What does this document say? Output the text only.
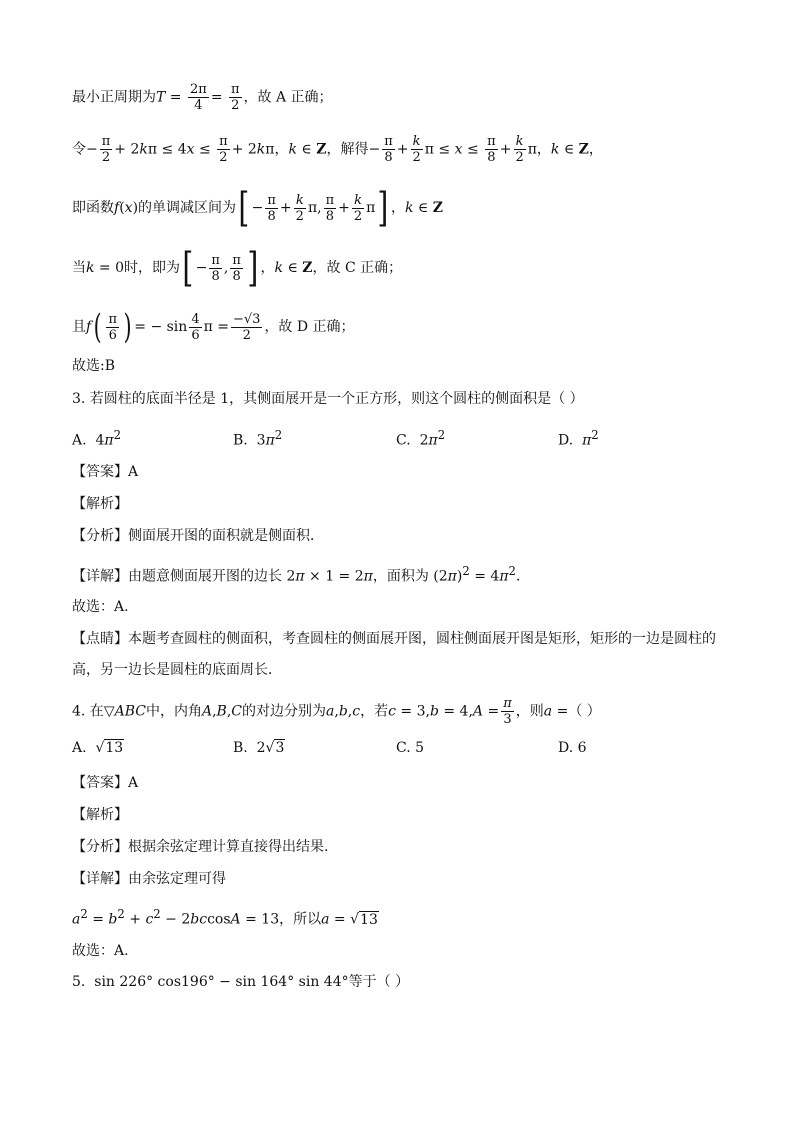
最小正周期为$T = \frac{2\pi}{4} = \frac{\pi}{2}$ ，故 A 正确；
令− $\frac{\pi}{2} + 2k\pi \le 4x \le \frac{\pi}{2} + 2k\pi$，k ∈ Z，解得− $\frac{\pi}{8} + \frac{k}{2}$ $\pi \le x \le \frac{\pi}{8} + \frac{k}{2}$ π，k ∈ Z，
即函数f(x)的单调减区间为[ − $\frac{\pi}{8} + \frac{k}{2} \pi$, $\frac{\pi}{8} + \frac{k}{2} \pi$] ，k ∈ Z
当k = 0时，即为[ − $\frac{\pi}{8}$ , $\frac{\pi}{8}$ ] ，k ∈ Z，故 C 正确；
且$f( \frac{\pi}{6}$ ) = − $\sin \frac{4}{6}$ $\pi = \frac{-√3}{2}$ ，故 D 正确；
故选:B
3. 若圆柱的底面半径是 1，其侧面展开是一个正方形，则这个圆柱的侧面积是（ ）
A.  $4\pi^2$	B.  $3\pi^2$	C.  $2\pi^2$	D. $\pi^2$
【答案】A
【解析】
【分析】侧面展开图的面积就是侧面积．
【详解】由题意侧面展开图的边长 2π × 1 = 2π，面积为 $(2\pi)^2 = 4\pi^2$．
故选：A.
【点睛】本题考查圆柱的侧面积，考查圆柱的侧面展开图，圆柱侧面展开图是矩形，矩形的一边是圆柱的
高，另一边长是圆柱的底面周长．
4. 在▽ABC中，内角A,B,C的对边分别为a,b,c，若$c = 3,b = 4,A = \frac{\pi}{3}$ ，则a =（ ）
A.  √13	B.  2√3	C. 5	D. 6
【答案】A
【解析】
【分析】根据余弦定理计算直接得出结果.
【详解】由余弦定理可得
$a^2 = b^2 + c^2 - 2bccosA = 13$，所以a = √13
故选：A.
5.  sin 226° cos196° − sin 164° sin 44°等于（ ）
